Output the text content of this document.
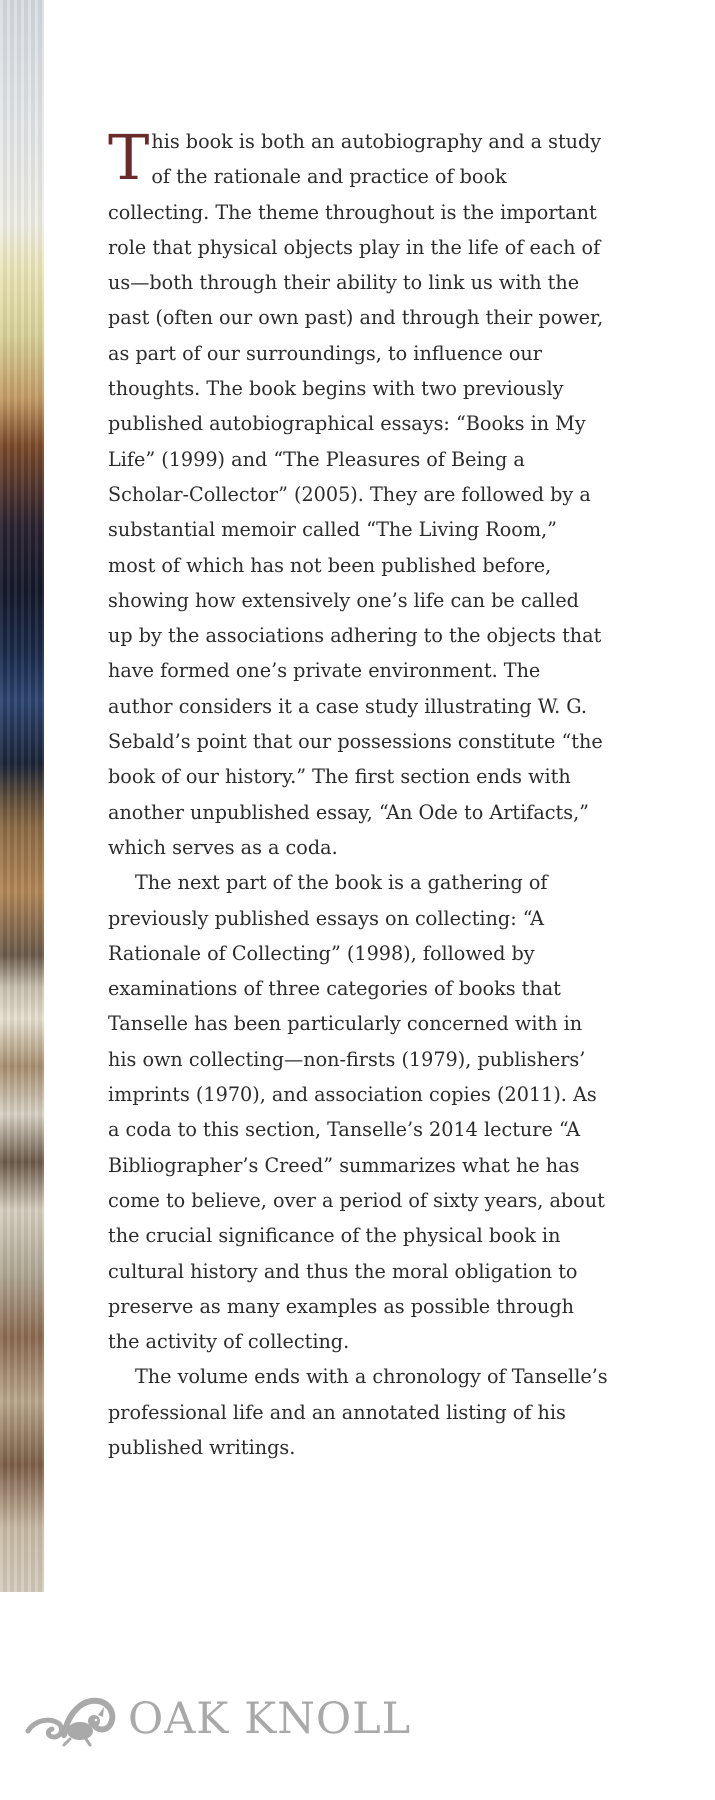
This book is both an autobiography and a study of the rationale and practice of book collecting. The theme throughout is the important role that physical objects play in the life of each of us—both through their ability to link us with the past (often our own past) and through their power, as part of our surroundings, to influence our thoughts. The book begins with two previously published autobiographical essays: “Books in My Life” (1999) and “The Pleasures of Being a Scholar-Collector” (2005). They are followed by a substantial memoir called “The Living Room,” most of which has not been published before, showing how extensively one’s life can be called up by the associations adhering to the objects that have formed one’s private environment. The author considers it a case study illustrating W. G. Sebald’s point that our possessions constitute “the book of our history.” The first section ends with another unpublished essay, “An Ode to Artifacts,” which serves as a coda.

The next part of the book is a gathering of previously published essays on collecting: “A Rationale of Collecting” (1998), followed by examinations of three categories of books that Tanselle has been particularly concerned with in his own collecting—non-firsts (1979), publishers’ imprints (1970), and association copies (2011). As a coda to this section, Tanselle’s 2014 lecture “A Bibliographer’s Creed” summarizes what he has come to believe, over a period of sixty years, about the crucial significance of the physical book in cultural history and thus the moral obligation to preserve as many examples as possible through the activity of collecting.

The volume ends with a chronology of Tanselle’s professional life and an annotated listing of his published writings.

OAK KNOLL
